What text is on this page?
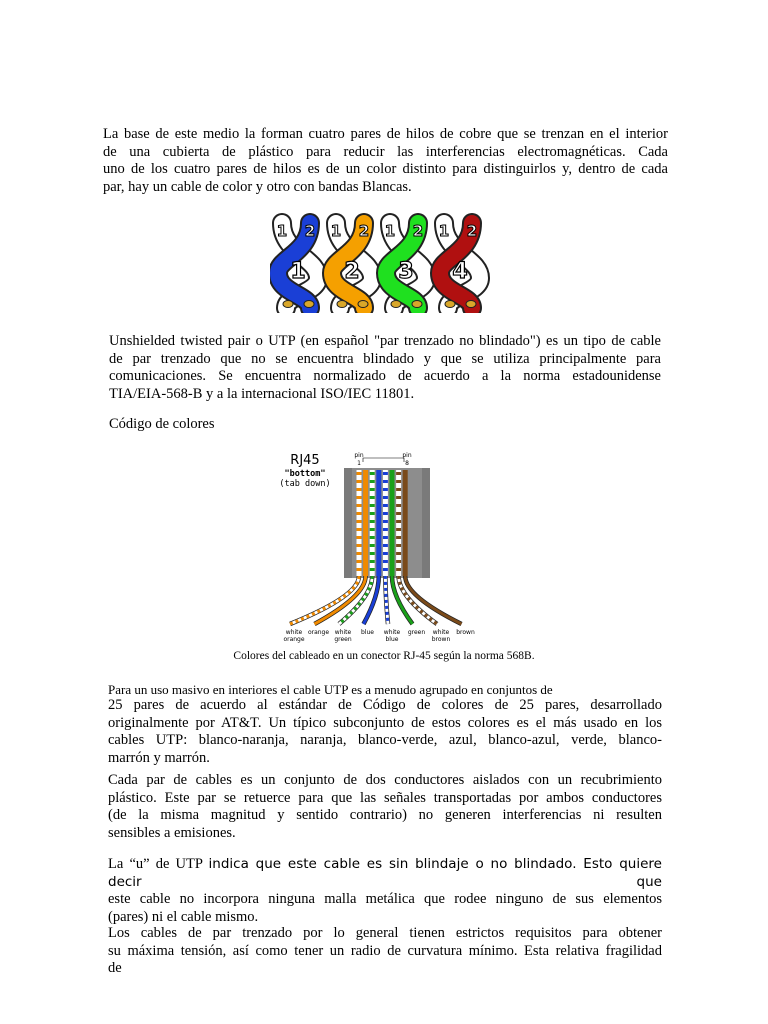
La base de este medio la forman cuatro pares de hilos de cobre que se trenzan en el interior
de una cubierta de plástico para reducir las interferencias electromagnéticas. Cada
uno de los cuatro pares de hilos es de un color distinto para distinguirlos y, dentro de cada
par, hay un cable de color y otro con bandas Blancas.

1 2
1
1 2
2
1 2
3
1 2
4

Unshielded twisted pair o UTP (en español "par trenzado no blindado") es un tipo de cable
de par trenzado que no se encuentra blindado y que se utiliza principalmente para
comunicaciones. Se encuentra normalizado de acuerdo a la norma estadounidense
TIA/EIA-568-B y a la internacional ISO/IEC 11801.

Código de colores
RJ45
"bottom"
(tab down)
pin
1
pin
8
white
orange
orange white
green
blue white
blue
green white
brown
brown
Colores del cableado en un conector RJ-45 según la norma 568B.
Para un uso masivo en interiores el cable UTP es a menudo agrupado en conjuntos de

25 pares de acuerdo al estándar de Código de colores de 25 pares, desarrollado
originalmente por AT&T. Un típico subconjunto de estos colores es el más usado en los
cables UTP: blanco-naranja, naranja, blanco-verde, azul, blanco-azul, verde, blanco-
marrón y marrón.

Cada par de cables es un conjunto de dos conductores aislados con un recubrimiento
plástico. Este par se retuerce para que las señales transportadas por ambos conductores
(de la misma magnitud y sentido contrario) no generen interferencias ni resulten
sensibles a emisiones.

La “u” de UTP indica que este cable es sin blindaje o no blindado. Esto quiere decir que
este cable no incorpora ninguna malla metálica que rodee ninguno de sus elementos
(pares) ni el cable mismo.

Los cables de par trenzado por lo general tienen estrictos requisitos para obtener
su máxima tensión, así como tener un radio de curvatura mínimo. Esta relativa fragilidad
de
